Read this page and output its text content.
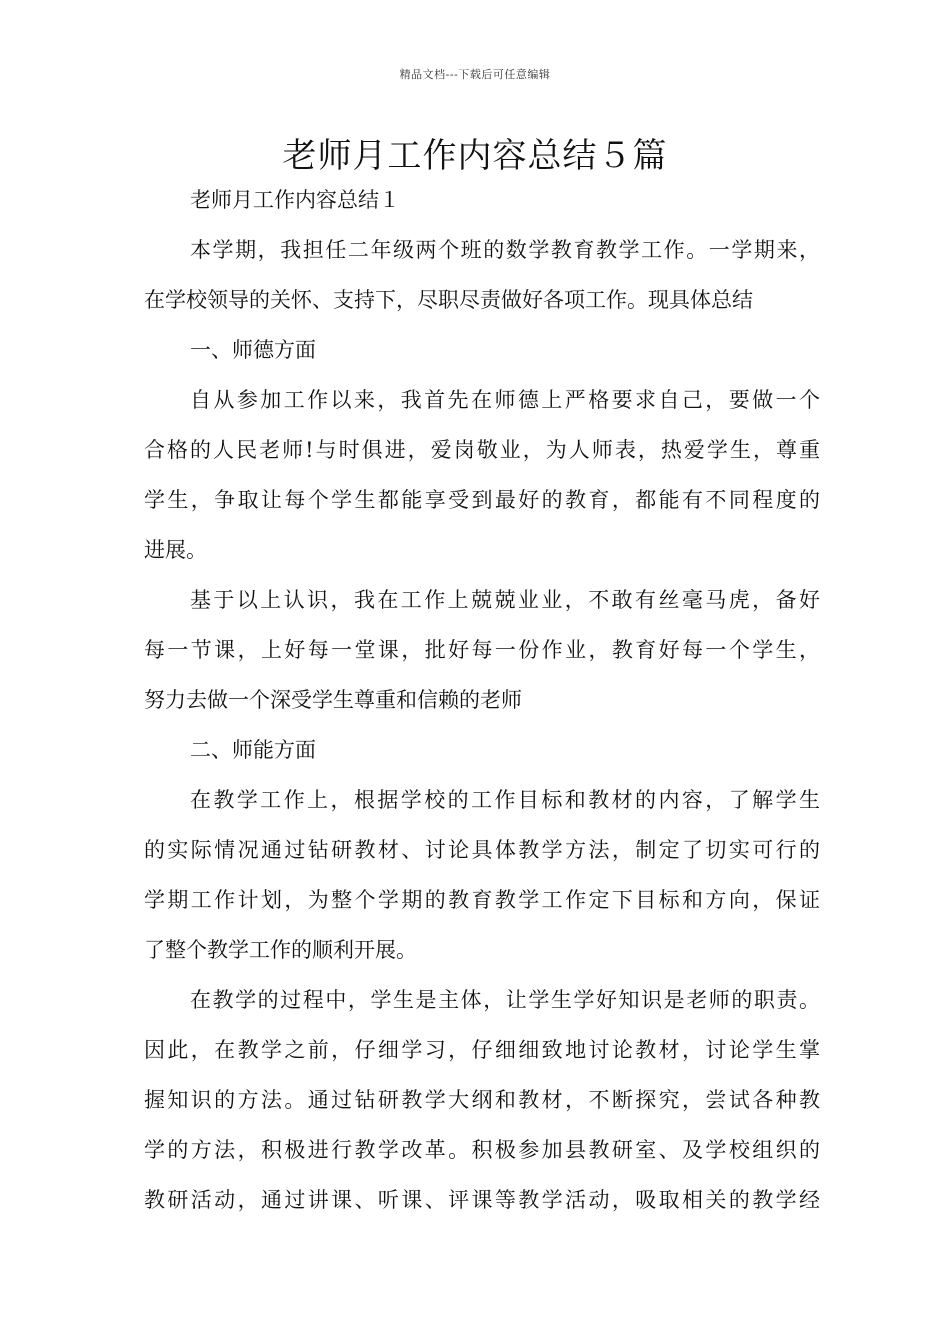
精品文档---下载后可任意编辑
老师月工作内容总结５篇
老师月工作内容总结１
本学期，我担任二年级两个班的数学教育教学工作。一学期来，
在学校领导的关怀、支持下，尽职尽责做好各项工作。现具体总结
一、师德方面
自从参加工作以来，我首先在师德上严格要求自己，要做一个
合格的人民老师!与时俱进，爱岗敬业，为人师表，热爱学生，尊重
学生，争取让每个学生都能享受到最好的教育，都能有不同程度的
进展。
基于以上认识，我在工作上兢兢业业，不敢有丝毫马虎，备好
每一节课，上好每一堂课，批好每一份作业，教育好每一个学生，
努力去做一个深受学生尊重和信赖的老师
二、师能方面
在教学工作上，根据学校的工作目标和教材的内容，了解学生
的实际情况通过钻研教材、讨论具体教学方法，制定了切实可行的
学期工作计划，为整个学期的教育教学工作定下目标和方向，保证
了整个教学工作的顺利开展。
在教学的过程中，学生是主体，让学生学好知识是老师的职责。
因此，在教学之前，仔细学习，仔细细致地讨论教材，讨论学生掌
握知识的方法。通过钻研教学大纲和教材，不断探究，尝试各种教
学的方法，积极进行教学改革。积极参加县教研室、及学校组织的
教研活动，通过讲课、听课、评课等教学活动，吸取相关的教学经
